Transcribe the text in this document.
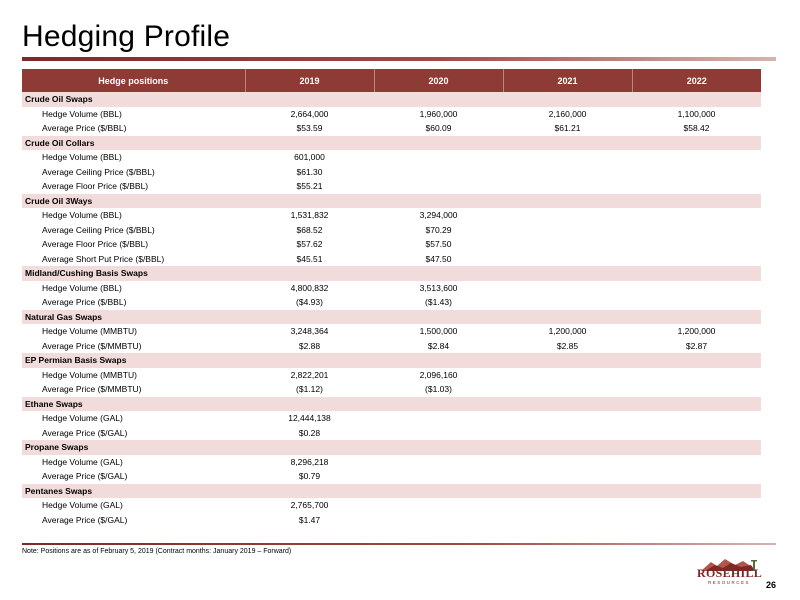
Hedging Profile
Hedge positions	2019	2020	2021	2022
Crude Oil Swaps				
Hedge Volume (BBL)	2,664,000	1,960,000	2,160,000	1,100,000
Average Price ($/BBL)	$53.59	$60.09	$61.21	$58.42
Crude Oil Collars				
Hedge Volume (BBL)	601,000			
Average Ceiling Price ($/BBL)	$61.30			
Average Floor Price ($/BBL)	$55.21			
Crude Oil 3Ways				
Hedge Volume (BBL)	1,531,832	3,294,000		
Average Ceiling Price ($/BBL)	$68.52	$70.29		
Average Floor Price ($/BBL)	$57.62	$57.50		
Average Short Put Price ($/BBL)	$45.51	$47.50		
Midland/Cushing Basis Swaps				
Hedge Volume (BBL)	4,800,832	3,513,600		
Average Price ($/BBL)	($4.93)	($1.43)		
Natural Gas Swaps				
Hedge Volume (MMBTU)	3,248,364	1,500,000	1,200,000	1,200,000
Average Price ($/MMBTU)	$2.88	$2.84	$2.85	$2.87
EP Permian Basis Swaps				
Hedge Volume (MMBTU)	2,822,201	2,096,160		
Average Price ($/MMBTU)	($1.12)	($1.03)		
Ethane Swaps				
Hedge Volume (GAL)	12,444,138			
Average Price ($/GAL)	$0.28			
Propane Swaps				
Hedge Volume (GAL)	8,296,218			
Average Price ($/GAL)	$0.79			
Pentanes Swaps				
Hedge Volume (GAL)	2,765,700			
Average Price ($/GAL)	$1.47			
Note: Positions are as of February 5, 2019 (Contract months: January 2019 – Forward)
ROSEHILL
RESOURCES	26
